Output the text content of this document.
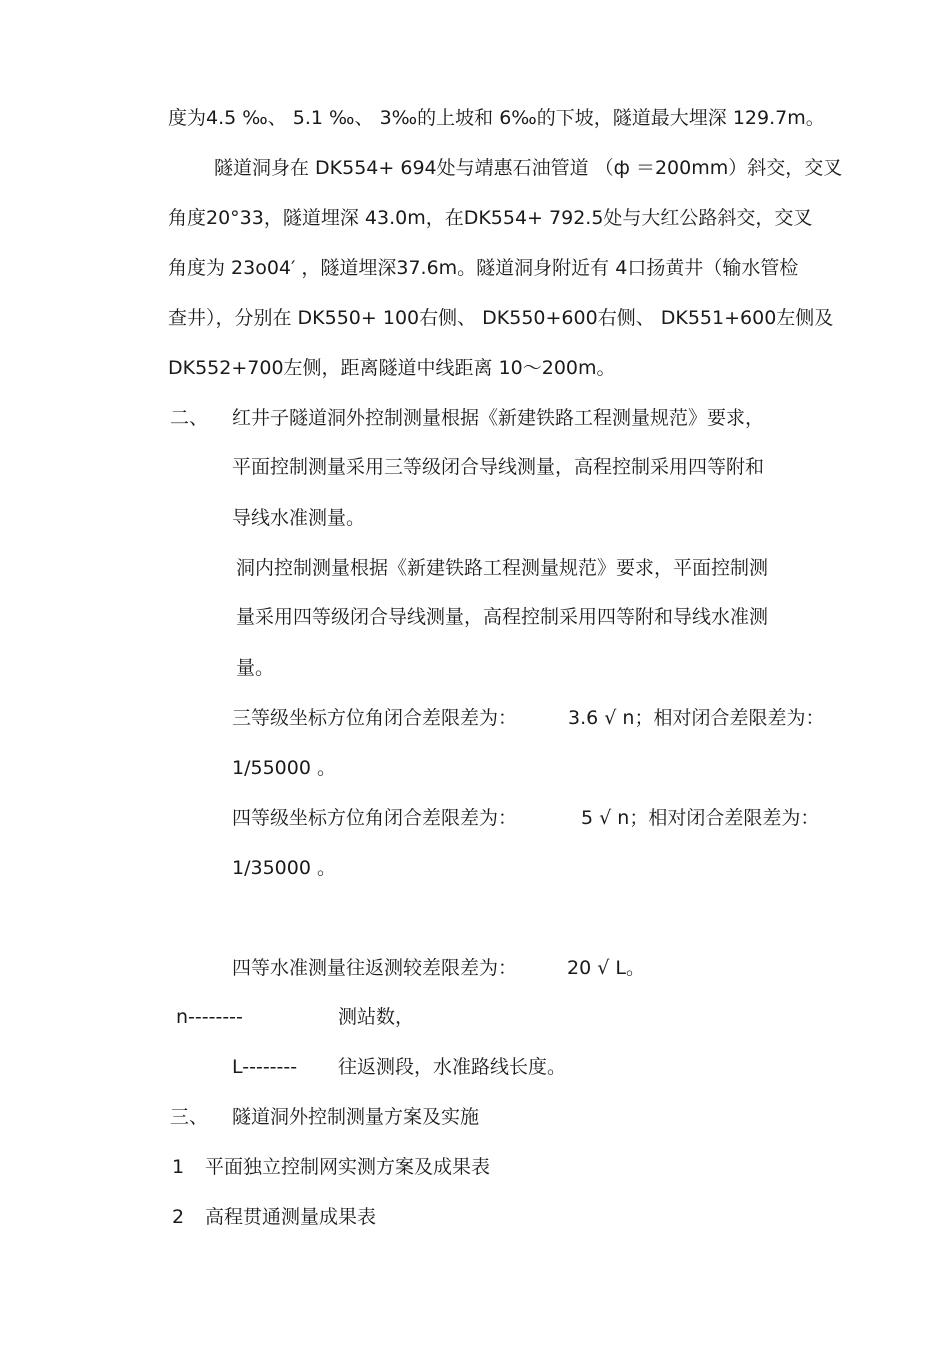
度为4.5 ‰、 5.1 ‰、 3‰的上坡和 6‰的下坡，隧道最大埋深 129.7m。
隧道洞身在 DK554+ 694处与靖惠石油管道 （ф ＝200mm）斜交，交叉
角度20°33，隧道埋深 43.0m，在DK554+ 792.5处与大红公路斜交，交叉
角度为 23o04′ ，隧道埋深37.6m。隧道洞身附近有 4口扬黄井（输水管检
查井），分别在 DK550+ 100右侧、 DK550+600右侧、 DK551+600左侧及
DK552+700左侧，距离隧道中线距离 10～200m。
二、 红井子隧道洞外控制测量根据《新建铁路工程测量规范》要求，
平面控制测量采用三等级闭合导线测量，高程控制采用四等附和
导线水准测量。
洞内控制测量根据《新建铁路工程测量规范》要求，平面控制测
量采用四等级闭合导线测量，高程控制采用四等附和导线水准测
量。
三等级坐标方位角闭合差限差为：	3.6 √ n；相对闭合差限差为：
1/55000 。
四等级坐标方位角闭合差限差为：	5 √ n；相对闭合差限差为：
1/35000 。
四等水准测量往返测较差限差为：	20 √ L。
n--------	测站数，
L-------- 往返测段，水准路线长度。
三、 隧道洞外控制测量方案及实施
1 平面独立控制网实测方案及成果表
2 高程贯通测量成果表
